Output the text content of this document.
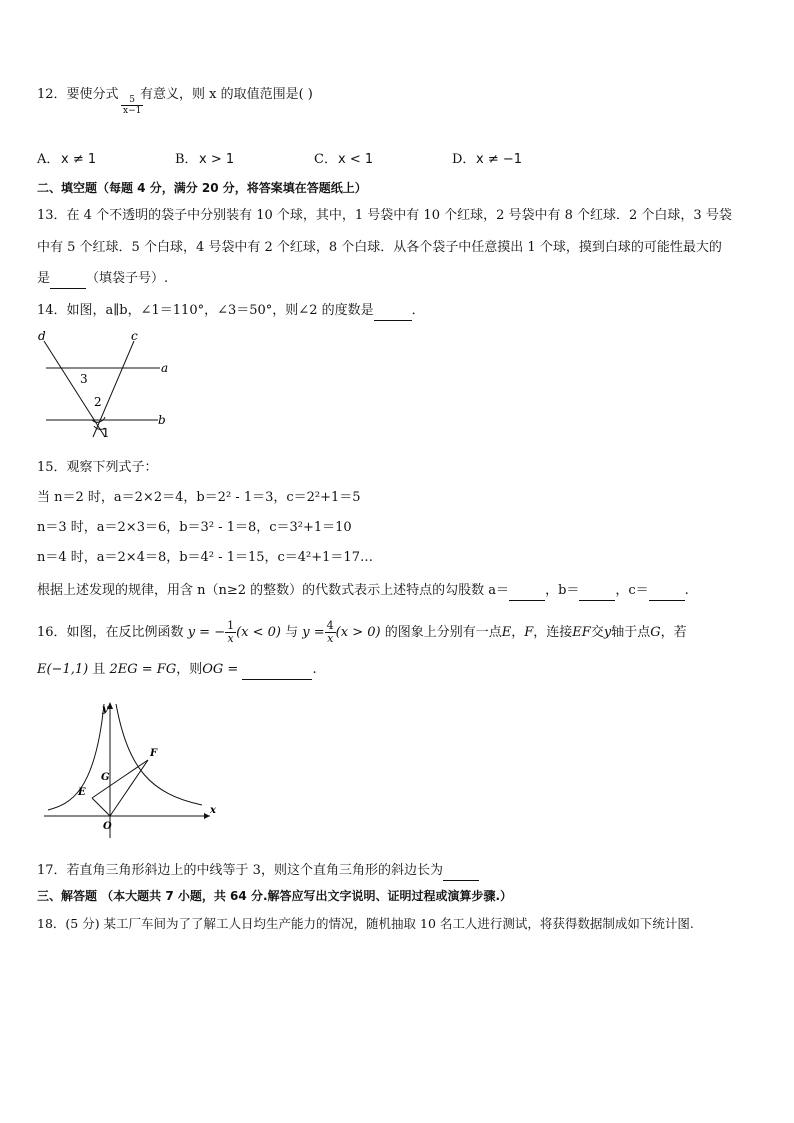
12．要使分式
$\frac{5}{x-1}$
有意义，则 x 的取值范围是( )
A． x ≠ 1	B． x > 1	C． x < 1	D． x ≠ −1
二、填空题（每题 4 分，满分 20 分，将答案填在答题纸上）
13．在 4 个不透明的袋子中分别装有 10 个球，其中，1 号袋中有 10 个红球，2 号袋中有 8 个红球．2 个白球，3 号袋
中有 5 个红球．5 个白球，4 号袋中有 2 个红球，8 个白球．从各个袋子中任意摸出 1 个球，摸到白球的可能性最大的
是	（填袋子号）.
14．如图，a∥b，∠1＝110°，∠3＝50°，则∠2 的度数是	．
d	c
a
b
3
2
1
15．观察下列式子：
当 n＝2 时，a＝2×2＝4，b＝2² - 1＝3，c＝2²+1＝5
n＝3 时，a＝2×3＝6，b＝3² - 1＝8，c＝3²+1＝10
n＝4 时，a＝2×4＝8，b＝4² - 1＝15，c＝4²+1＝17…
根据上述发现的规律，用含 n（n≥2 的整数）的代数式表示上述特点的勾股数 a＝	，b＝	，c＝	.
16．如图，在反比例函数 y = − $\frac{1}{x} (x < 0)$ 与 $y = \frac{4}{x} (x > 0)$ 的图象上分别有一点E，F，连接EF交y轴于点G，若
E(−1,1) 且 2EG = FG，则OG =	.
y
x
E
F
G
O
17．若直角三角形斜边上的中线等于 3，则这个直角三角形的斜边长为
三、解答题 （本大题共 7 小题，共 64 分.解答应写出文字说明、证明过程或演算步骤.）
18．(5 分) 某工厂车间为了了解工人日均生产能力的情况，随机抽取 10 名工人进行测试，将获得数据制成如下统计图.
